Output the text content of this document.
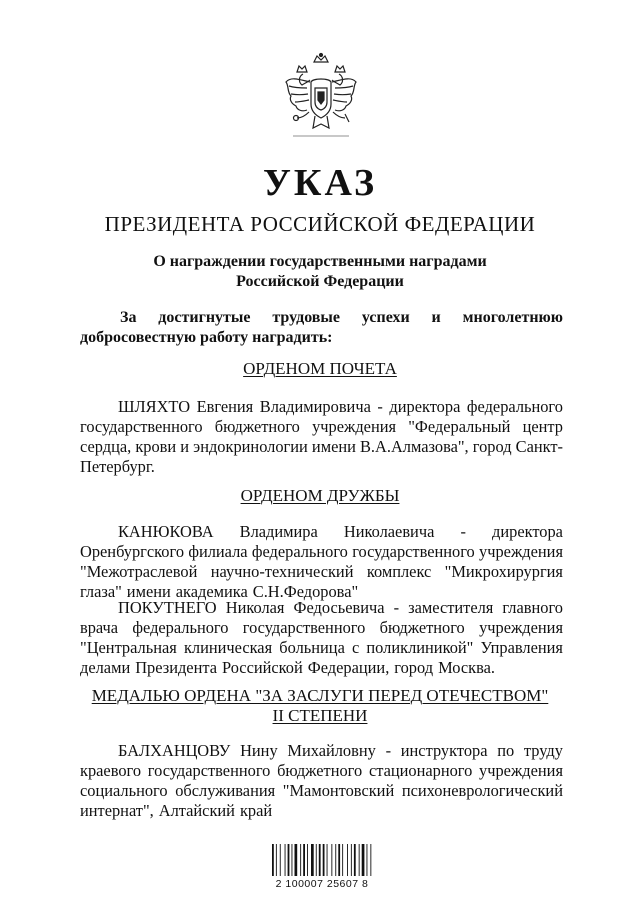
УКАЗ
ПРЕЗИДЕНТА РОССИЙСКОЙ ФЕДЕРАЦИИ
О награждении государственными наградами
Российской Федерации
За достигнутые трудовые успехи и многолетнюю
добросовестную работу наградить:
ОРДЕНОМ ПОЧЕТА
ШЛЯХТО Евгения Владимировича - директора федерального
государственного бюджетного учреждения "Федеральный центр
сердца, крови и эндокринологии имени В.А.Алмазова", город Санкт-
Петербург.
ОРДЕНОМ ДРУЖБЫ
КАНЮКОВА Владимира Николаевича - директора
Оренбургского филиала федерального государственного учреждения
"Межотраслевой научно-технический комплекс "Микрохирургия
глаза" имени академика С.Н.Федорова"
ПОКУТНЕГО Николая Федосьевича - заместителя главного
врача федерального государственного бюджетного учреждения
"Центральная клиническая больница с поликлиникой" Управления
делами Президента Российской Федерации, город Москва.
МЕДАЛЬЮ ОРДЕНА "ЗА ЗАСЛУГИ ПЕРЕД ОТЕЧЕСТВОМ"
II СТЕПЕНИ
БАЛХАНЦОВУ Нину Михайловну - инструктора по труду
краевого государственного бюджетного стационарного учреждения
социального обслуживания "Мамонтовский психоневрологический
интернат", Алтайский край
2 100007 25607 8
